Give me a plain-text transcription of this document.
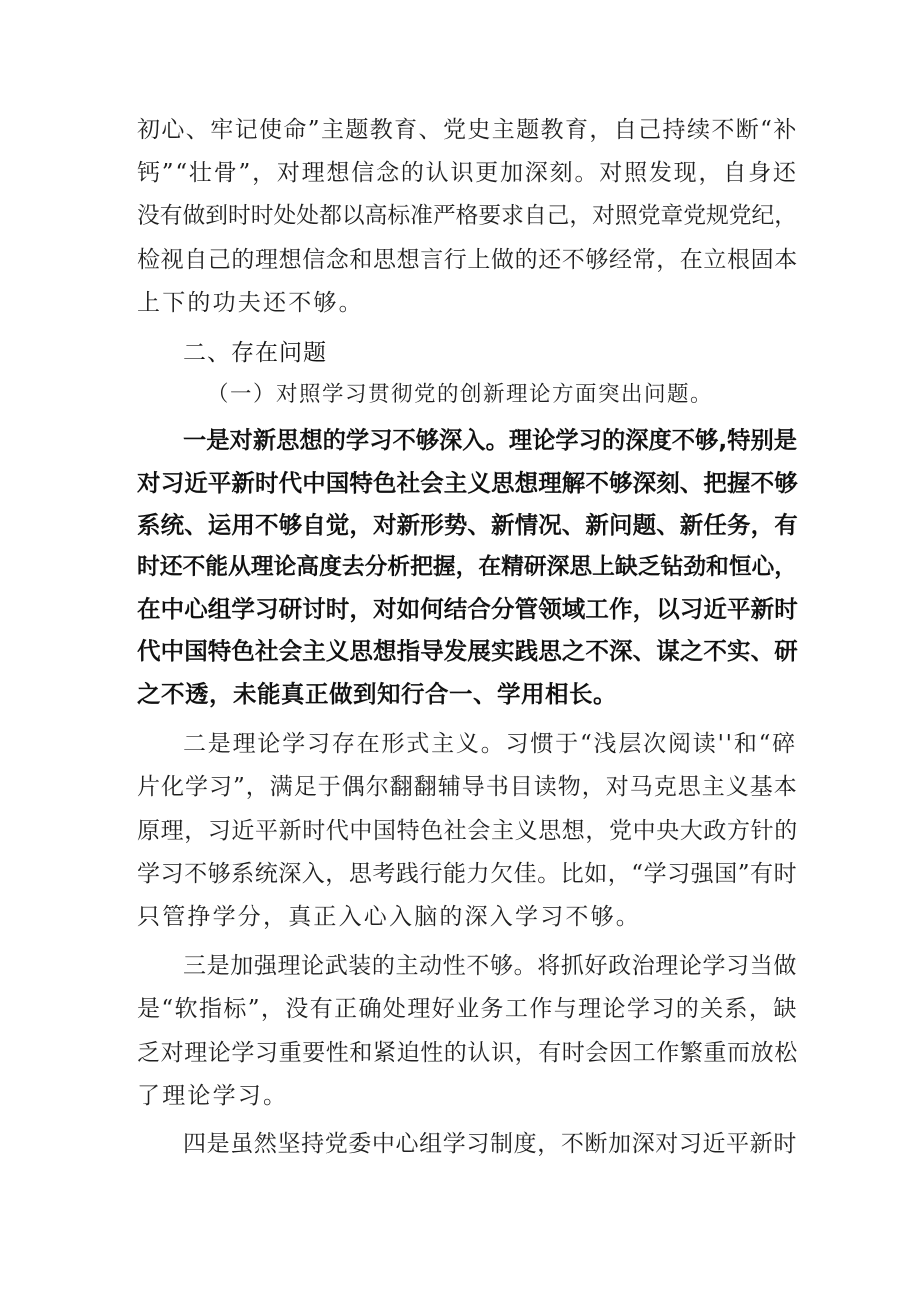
初心、牢记使命”主题教育、党史主题教育，自己持续不断“补

钙”“壮骨”，对理想信念的认识更加深刻。对照发现，自身还

没有做到时时处处都以高标准严格要求自己，对照党章党规党纪，

检视自己的理想信念和思想言行上做的还不够经常，在立根固本

上下的功夫还不够。

二、存在问题

（一）对照学习贯彻党的创新理论方面突出问题。

一是对新思想的学习不够深入。理论学习的深度不够,特别是

对习近平新时代中国特色社会主义思想理解不够深刻、把握不够

系统、运用不够自觉，对新形势、新情况、新问题、新任务，有

时还不能从理论高度去分析把握，在精研深思上缺乏钻劲和恒心，

在中心组学习研讨时，对如何结合分管领域工作，以习近平新时

代中国特色社会主义思想指导发展实践思之不深、谋之不实、研

之不透，未能真正做到知行合一、学用相长。

二是理论学习存在形式主义。习惯于“浅层次阅读''和“碎

片化学习”，满足于偶尔翻翻辅导书目读物，对马克思主义基本

原理，习近平新时代中国特色社会主义思想，党中央大政方针的

学习不够系统深入，思考践行能力欠佳。比如，“学习强国”有时

只管挣学分，真正入心入脑的深入学习不够。

三是加强理论武装的主动性不够。将抓好政治理论学习当做

是“软指标”，没有正确处理好业务工作与理论学习的关系，缺

乏对理论学习重要性和紧迫性的认识，有时会因工作繁重而放松

了理论学习。

四是虽然坚持党委中心组学习制度，不断加深对习近平新时
